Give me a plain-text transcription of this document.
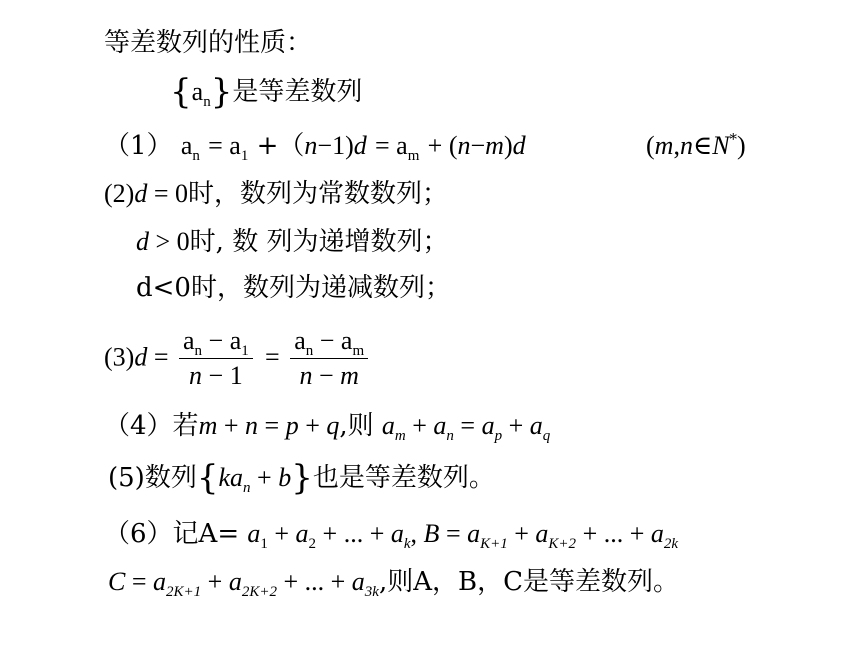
等差数列的性质：
$\{a_n\}$是等差数列
（1） $a_n = a_1 +(n-1)d = a_m + (n-m)d$	(m,n∈N*)
(2)d = 0时，数列为常数数列；
d > 0时, 数 列为递增数列；
d<0时，数列为递减数列；
$(3)d = \frac{a_n - a_1}{n - 1} = \frac{a_n - a_m}{n - m}$
（4）若m + n = p + q,则 $a_m + a_n = a_p + a_q$
(5)数列$\{ka_n + b\}$也是等差数列。
（6）记$A= a_1 + a_2$ + ... + $a_k$, $B = a_{K+1} + a_{K+2}$ + ... + $a_{2k}$
$C = a_{2K+1} + a_{2K+2}$ + ... + $a_{3k}$,则A，B，C是等差数列。
